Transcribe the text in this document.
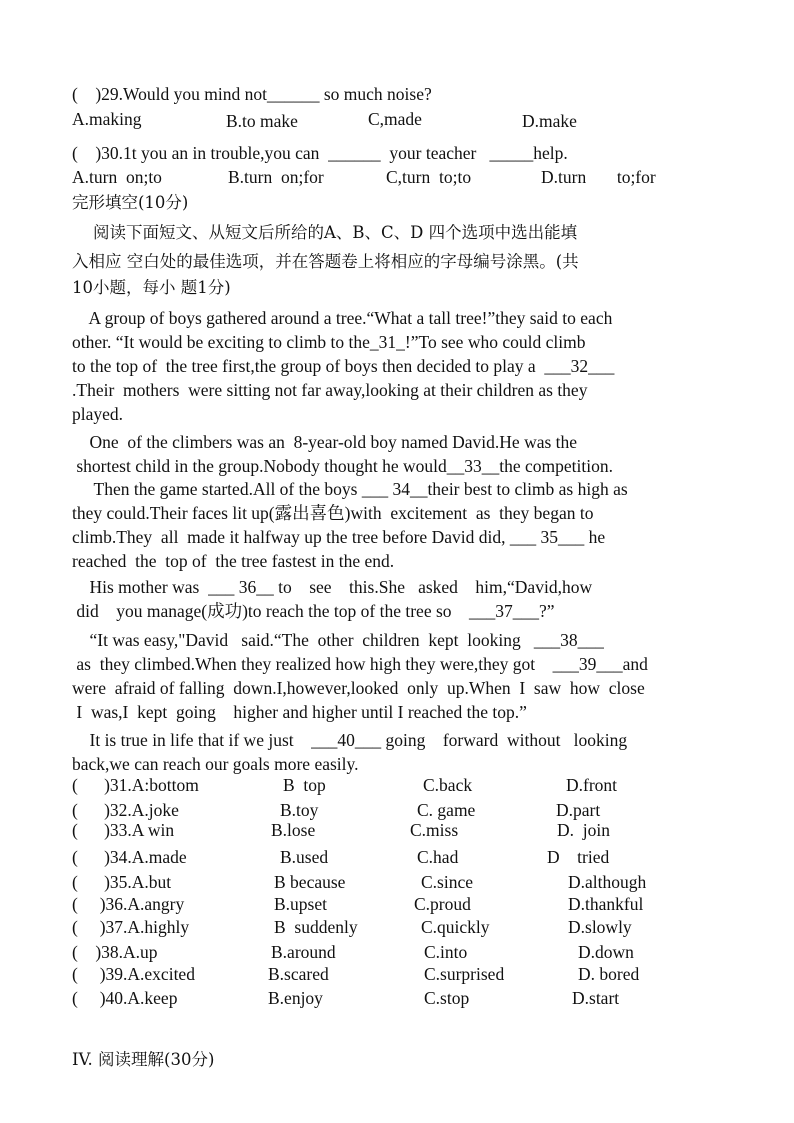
(    )29.Would you mind not______ so much noise?
A.making	B.to make	C,made	D.make
(    )30.1t you an in trouble,you can  ______  your teacher   _____help.
A.turn  on;to	B.turn  on;for	C,turn  to;to	D.turn       to;for
完形填空(10分)
阅读下面短文、从短文后所给的A、B、C、D 四个选项中选出能填
入相应 空白处的最佳选项，并在答题卷上将相应的字母编号涂黑。(共
10小题，每小 题1分)
A group of boys gathered around a tree.“What a tall tree!”they said to each
other. “It would be exciting to climb to the_31_!”To see who could climb
to the top of  the tree first,the group of boys then decided to play a  ___32___
.Their  mothers  were sitting not far away,looking at their children as they
played.
One  of the climbers was an  8-year-old boy named David.He was the
shortest child in the group.Nobody thought he would__33__the competition.
Then the game started.All of the boys ___ 34__their best to climb as high as
they could.Their faces lit up(露出喜色)with  excitement  as  they began to
climb.They  all  made it halfway up the tree before David did, ___ 35___ he
reached  the  top of  the tree fastest in the end.
His mother was  ___ 36__ to    see    this.She   asked    him,“David,how
did    you manage(成功)to reach the top of the tree so    ___37___?”
“It was easy,"David   said.“The  other  children  kept  looking   ___38___
as  they climbed.When they realized how high they were,they got    ___39___and
were  afraid of falling  down.I,however,looked  only  up.When  I  saw  how  close
I  was,I  kept  going    higher and higher until I reached the top.”
It is true in life that if we just    ___40___ going    forward  without   looking
back,we can reach our goals more easily.
(      )31.A:bottom	B  top	C.back	D.front
(      )32.A.joke	B.toy	C. game	D.part
(      )33.A win	B.lose	C.miss	D.  join
(      )34.A.made	B.used	C.had	D    tried
(      )35.A.but	B because	C.since	D.although
(     )36.A.angry	B.upset	C.proud	D.thankful
(     )37.A.highly	B  suddenly	C.quickly	D.slowly
(    )38.A.up	B.around	C.into	D.down
(     )39.A.excited	B.scared	C.surprised	D. bored
(     )40.A.keep	B.enjoy	C.stop	D.start
IV. 阅读理解(30分)
